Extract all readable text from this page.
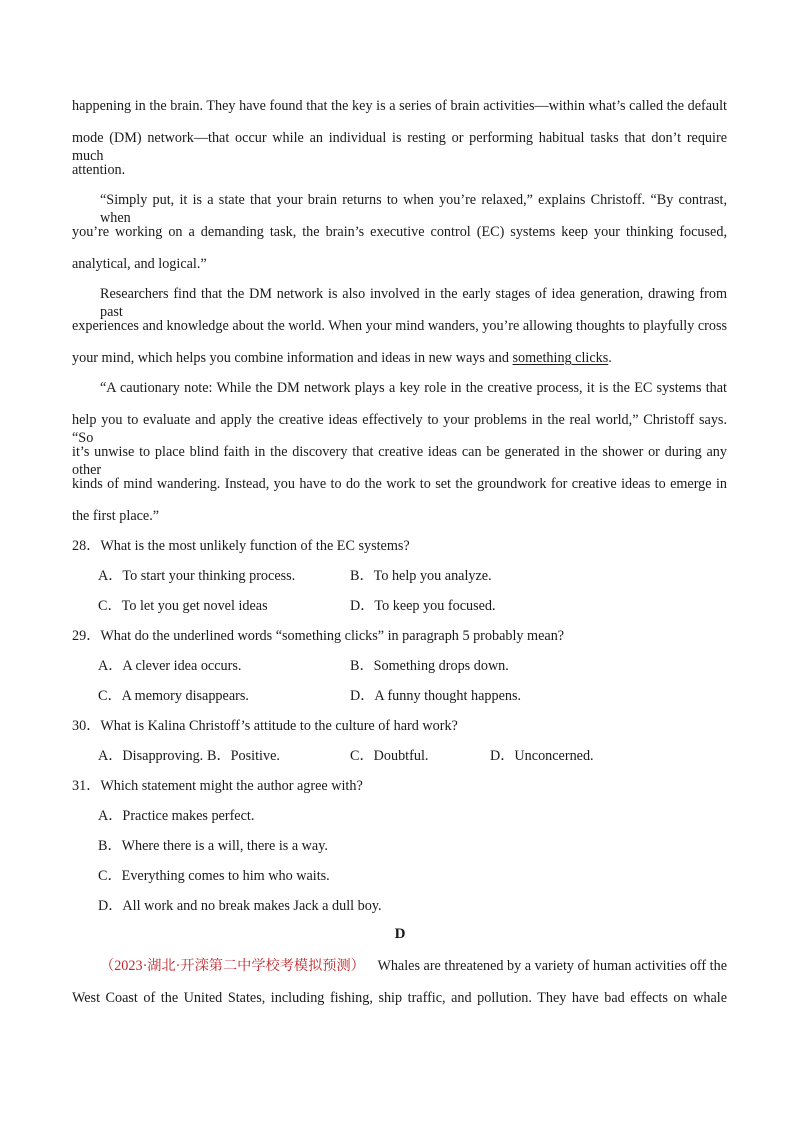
happening in the brain. They have found that the key is a series of brain activities—within what’s called the default
mode (DM) network—that occur while an individual is resting or performing habitual tasks that don’t require much
attention.
“Simply put, it is a state that your brain returns to when you’re relaxed,” explains Christoff. “By contrast, when
you’re working on a demanding task, the brain’s executive control (EC) systems keep your thinking focused,
analytical, and logical.”
Researchers find that the DM network is also involved in the early stages of idea generation, drawing from past
experiences and knowledge about the world. When your mind wanders, you’re allowing thoughts to playfully cross
your mind, which helps you combine information and ideas in new ways and something clicks.
“A cautionary note: While the DM network plays a key role in the creative process, it is the EC systems that
help you to evaluate and apply the creative ideas effectively to your problems in the real world,” Christoff says. “So
it’s unwise to place blind faith in the discovery that creative ideas can be generated in the shower or during any other
kinds of mind wandering. Instead, you have to do the work to set the groundwork for creative ideas to emerge in
the first place.”
28．What is the most unlikely function of the EC systems?
A．To start your thinking process.	B．To help you analyze.
C．To let you get novel ideas	D．To keep you focused.
29．What do the underlined words “something clicks” in paragraph 5 probably mean?
A．A clever idea occurs.	B．Something drops down.
C．A memory disappears.	D．A funny thought happens.
30．What is Kalina Christoff’s attitude to the culture of hard work?
A．Disapproving. B．Positive.	C．Doubtful.	D．Unconcerned.
31．Which statement might the author agree with?
A．Practice makes perfect.
B．Where there is a will, there is a way.
C．Everything comes to him who waits.
D．All work and no break makes Jack a dull boy.
D
（2023·湖北·开滦第二中学校考模拟预测） Whales are threatened by a variety of human activities off the
West Coast of the United States, including fishing, ship traffic, and pollution. They have bad effects on whale
